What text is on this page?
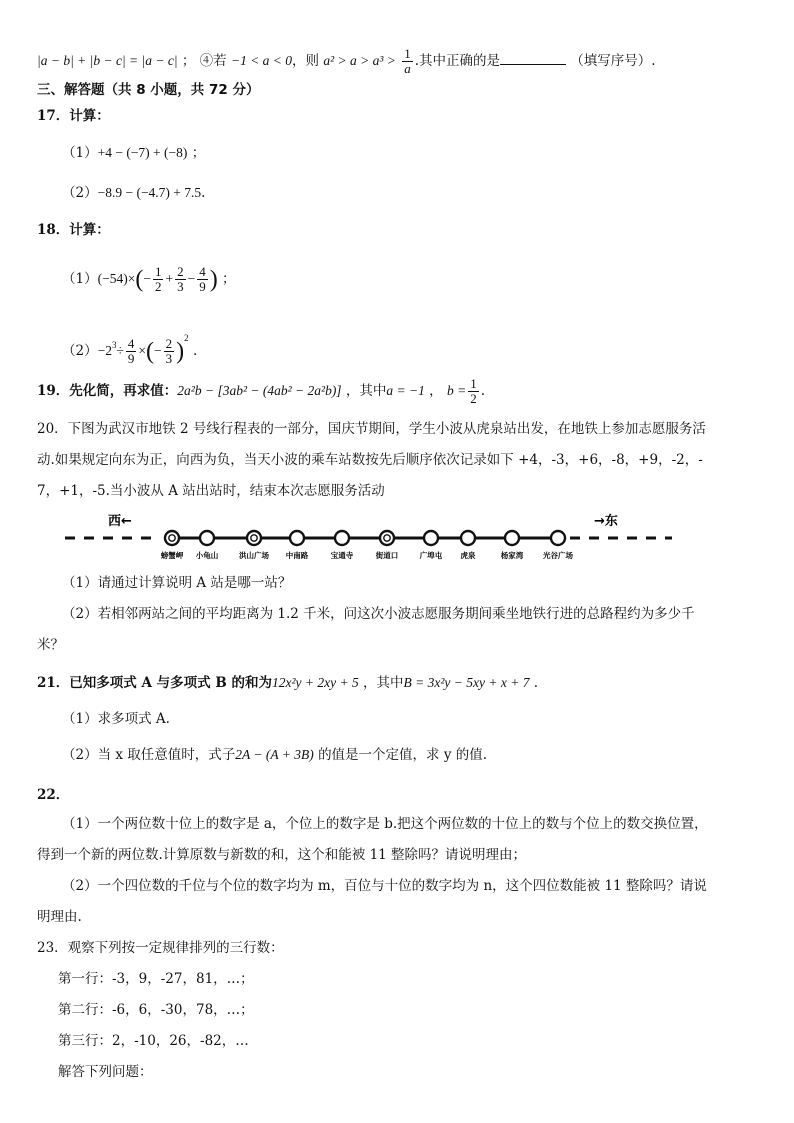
|a − b| + |b − c| = |a − c| ； ④若 −1 < a < 0，则 $a^2 > a > a^3 > \frac{1}{a}$ .其中正确的是	（填写序号）.
三、解答题（共 8 小题，共 72 分）
17．计算：
（1）+4 − (−7) + (−8) ；
（2）−8.9 − (−4.7) + 7.5.
18．计算：
$(1)(-54)\times(- \frac{1}{2} + \frac{2}{3} - \frac{4}{9}$ ) ；
$(2)-2^3\div \frac{4}{9}$ ×(− $\frac{2}{3} )^2$ .
19．先化简，再求值：2a²b − [3ab² − (4ab² − 2a²b)] ，其中a = −1 ， $b = \frac{1}{2}$ .
20．下图为武汉市地铁 2 号线行程表的一部分，国庆节期间，学生小波从虎泉站出发，在地铁上参加志愿服务活
动.如果规定向东为正，向西为负，当天小波的乘车站数按先后顺序依次记录如下 +4，-3，+6，-8，+9，-2，-
7，+1，-5.当小波从 A 站出站时，结束本次志愿服务活动
西←	→东
螃蟹岬 小龟山	洪山广场 中南路	宝通寺	街道口	广埠屯 虎泉	杨家湾	光谷广场
（1）请通过计算说明 A 站是哪一站？
（2）若相邻两站之间的平均距离为 1.2 千米，问这次小波志愿服务期间乘坐地铁行进的总路程约为多少千
米？
21．已知多项式 A 与多项式 B 的和为12x²y + 2xy + 5 ，其中B = 3x²y − 5xy + x + 7 .
（1）求多项式 A.
（2）当 x 取任意值时，式子2A − (A + 3B) 的值是一个定值，求 y 的值.
22．
（1）一个两位数十位上的数字是 a，个位上的数字是 b.把这个两位数的十位上的数与个位上的数交换位置，
得到一个新的两位数.计算原数与新数的和，这个和能被 11 整除吗？请说明理由；
（2）一个四位数的千位与个位的数字均为 m，百位与十位的数字均为 n，这个四位数能被 11 整除吗？请说
明理由.
23．观察下列按一定规律排列的三行数：
第一行：-3，9，-27，81，…；
第二行：-6，6，-30，78，…；
第三行：2，-10，26，-82，…
解答下列问题：
